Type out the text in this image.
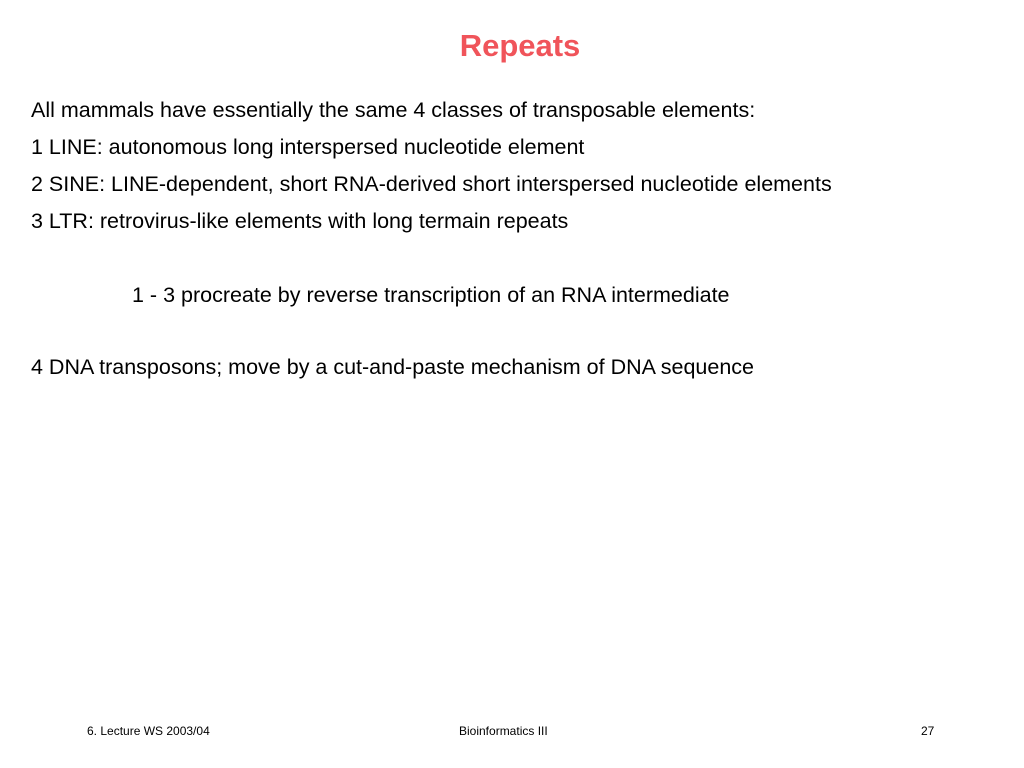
Repeats

All mammals have essentially the same 4 classes of transposable elements:

1 LINE: autonomous long interspersed nucleotide element

2 SINE: LINE-dependent, short RNA-derived short interspersed nucleotide elements

3 LTR: retrovirus-like elements with long termain repeats

1 - 3 procreate by reverse transcription of an RNA intermediate

4 DNA transposons; move by a cut-and-paste mechanism of DNA sequence

6. Lecture WS 2003/04	Bioinformatics III	27
